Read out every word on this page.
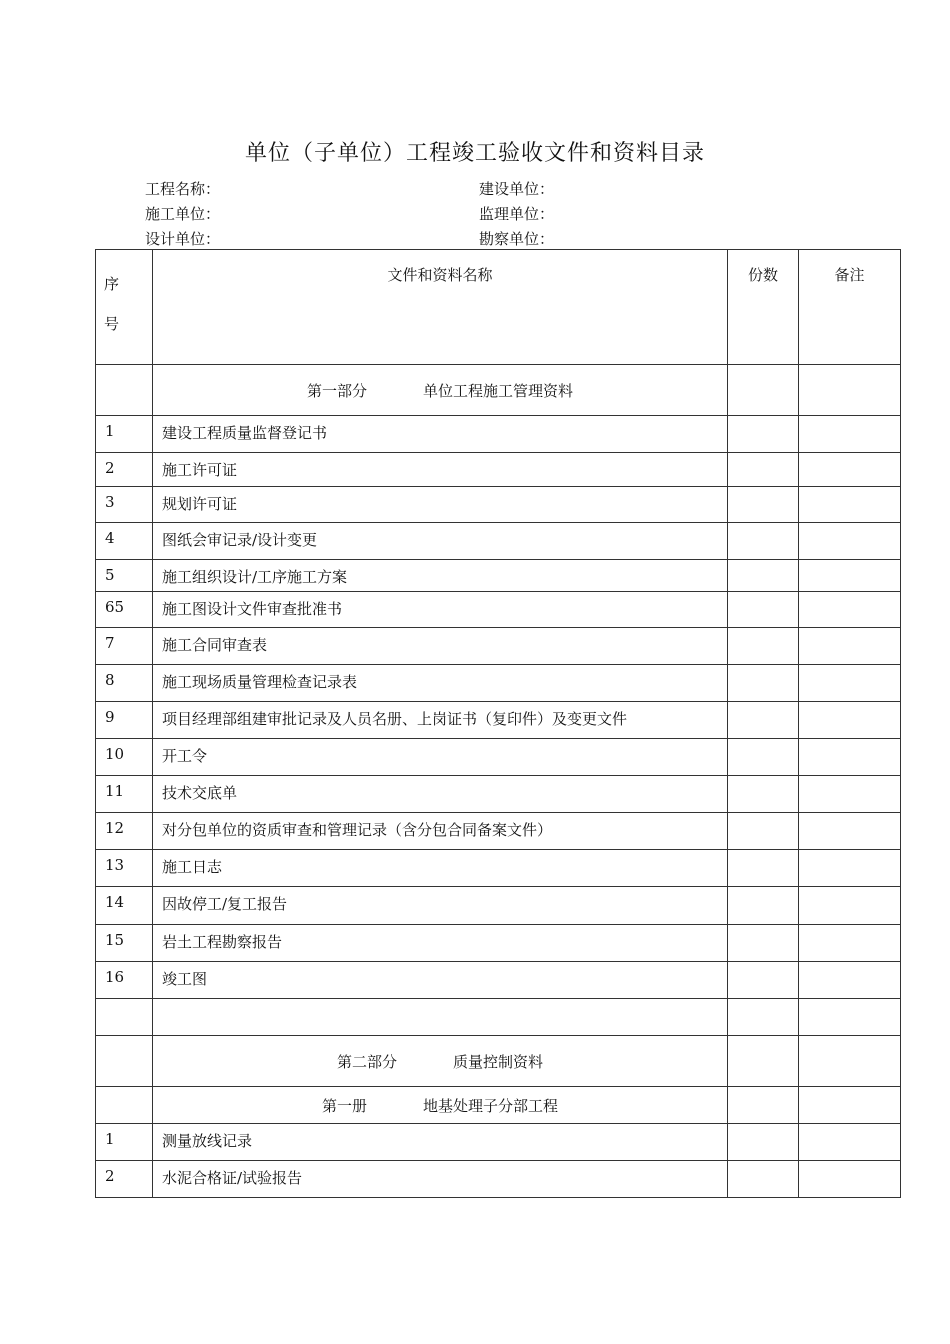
单位（子单位）工程竣工验收文件和资料目录
工程名称：	建设单位：
施工单位：	监理单位：
设计单位：	勘察单位：
序
号	文件和资料名称	份数	备注
	第一部分 单位工程施工管理资料		
1	建设工程质量监督登记书		
2	施工许可证		
3	规划许可证		
4	图纸会审记录/设计变更		
5	施工组织设计/工序施工方案		
65	施工图设计文件审查批准书		
7	施工合同审查表		
8	施工现场质量管理检查记录表		
9	项目经理部组建审批记录及人员名册、上岗证书（复印件）及变更文件		
10	开工令		
11	技术交底单		
12	对分包单位的资质审查和管理记录（含分包合同备案文件）		
13	施工日志		
14	因故停工/复工报告		
15	岩土工程勘察报告		
16	竣工图		

	第二部分 质量控制资料		
	第一册 地基处理子分部工程		
1	测量放线记录		
2	水泥合格证/试验报告		
